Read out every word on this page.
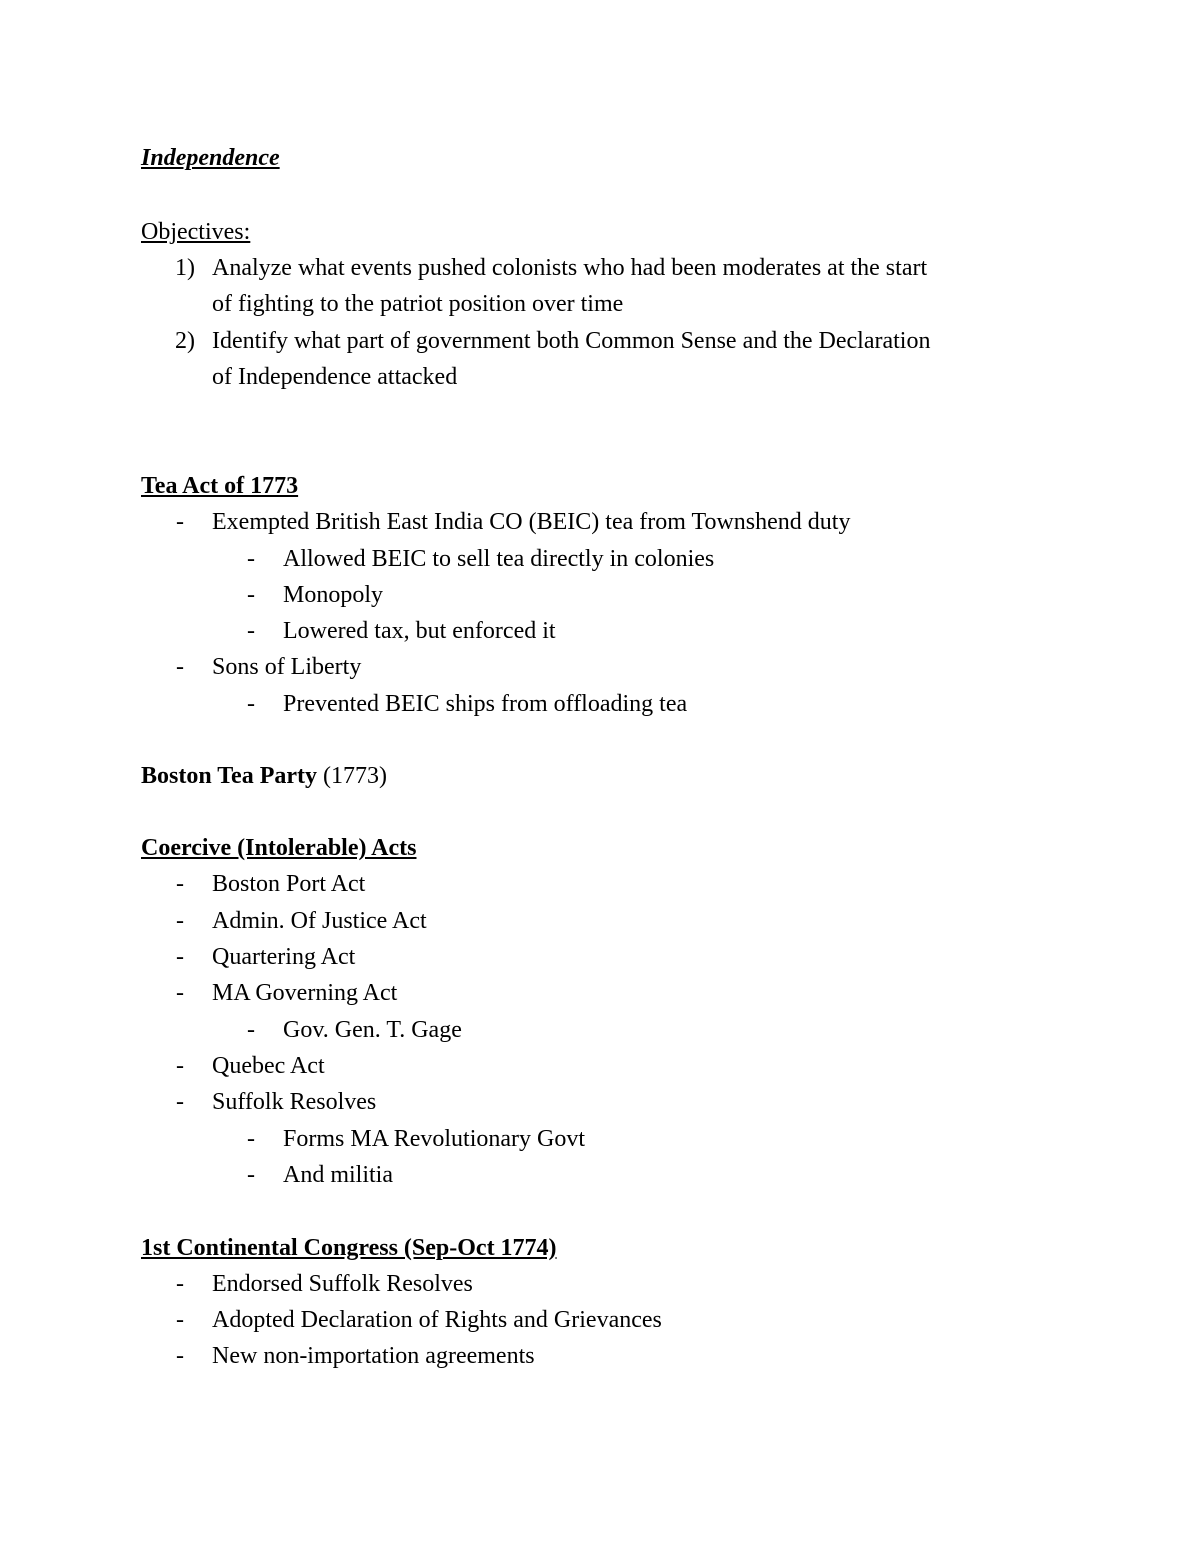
Independence
Objectives:
1) Analyze what events pushed colonists who had been moderates at the start
of fighting to the patriot position over time
2) Identify what part of government both Common Sense and the Declaration
of Independence attacked
Tea Act of 1773
- Exempted British East India CO (BEIC) tea from Townshend duty
- Allowed BEIC to sell tea directly in colonies
- Monopoly
- Lowered tax, but enforced it
- Sons of Liberty
- Prevented BEIC ships from offloading tea
Boston Tea Party (1773)
Coercive (Intolerable) Acts
- Boston Port Act
- Admin. Of Justice Act
- Quartering Act
- MA Governing Act
- Gov. Gen. T. Gage
- Quebec Act
- Suffolk Resolves
- Forms MA Revolutionary Govt
- And militia
1st Continental Congress (Sep-Oct 1774)
- Endorsed Suffolk Resolves
- Adopted Declaration of Rights and Grievances
- New non-importation agreements
